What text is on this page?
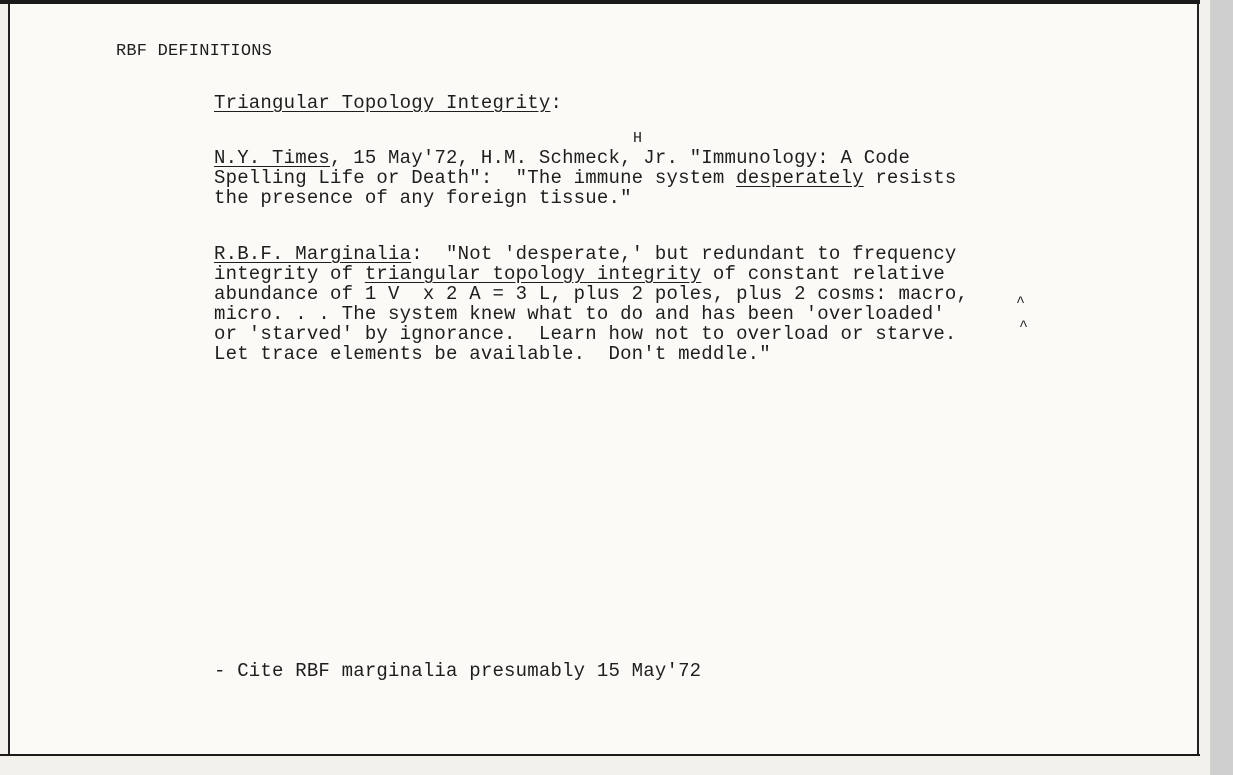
RBF DEFINITIONS
Triangular Topology Integrity:
N.Y. Times, 15 May'72, H.M. Schmeck, Jr. "Immunology: A Code
Spelling Life or Death":  "The immune system desperately resists
the presence of any foreign tissue."
H
R.B.F. Marginalia:  "Not 'desperate,' but redundant to frequency
integrity of triangular topology integrity of constant relative
abundance of 1 V  x 2 A = 3 L, plus 2 poles, plus 2 cosms: macro,
micro. . . The system knew what to do and has been 'overloaded'
or 'starved' by ignorance.  Learn how not to overload or starve.
Let trace elements be available.  Don't meddle."
^
^
- Cite RBF marginalia presumably 15 May'72
